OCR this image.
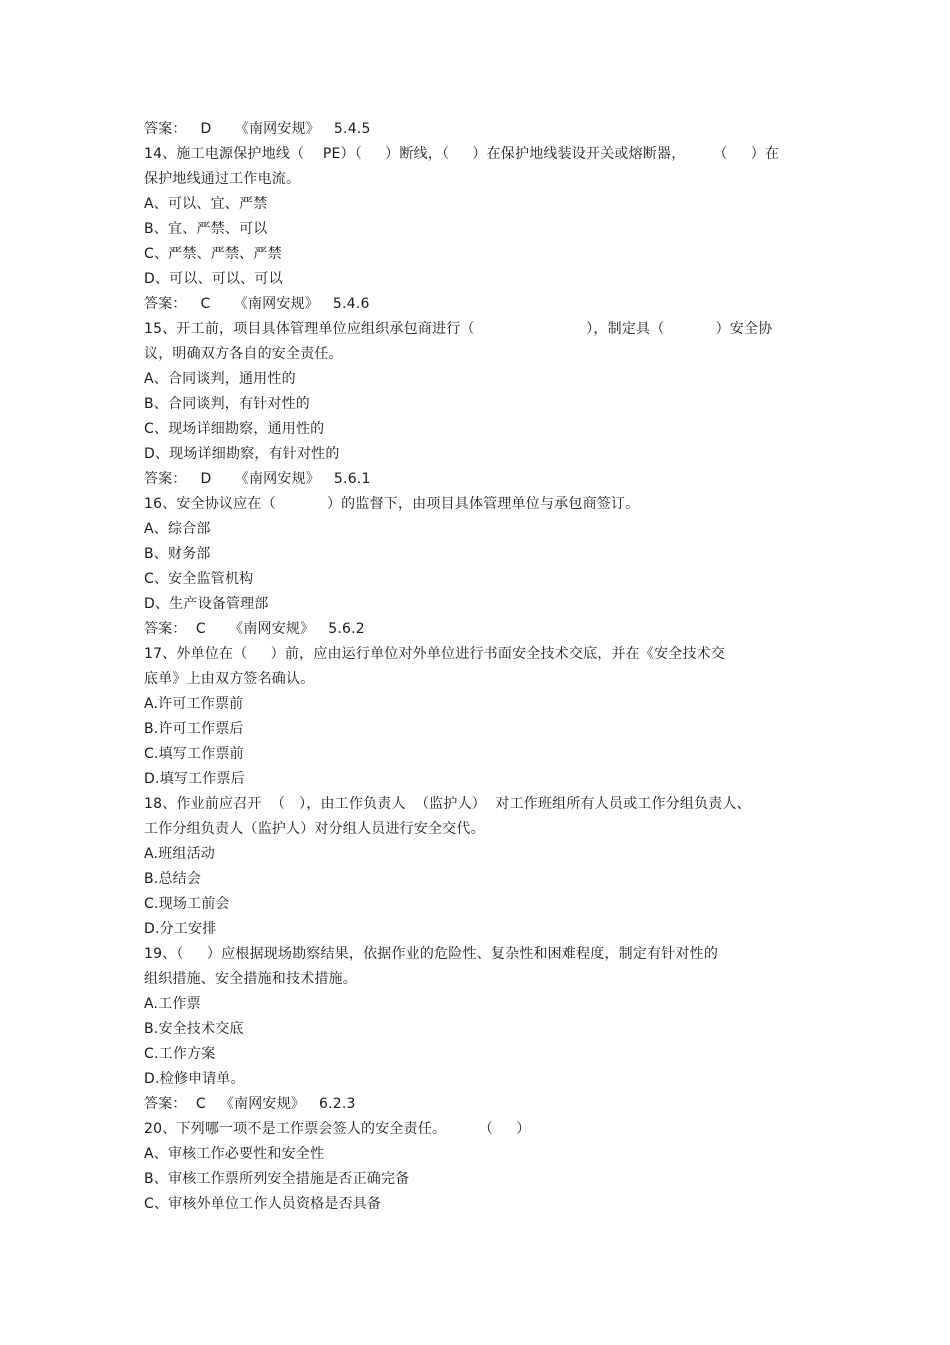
答案：   D     《南网安规》   5.4.5
14、施工电源保护地线（    PE）（     ）断线，（     ）在保护地线装设开关或熔断器，      （     ）在
保护地线通过工作电流。
A、可以、宜、严禁
B、宜、严禁、可以
C、严禁、严禁、严禁
D、可以、可以、可以
答案：   C     《南网安规》   5.4.6
15、开工前，项目具体管理单位应组织承包商进行（                        ），制定具（           ）安全协
议，明确双方各自的安全责任。
A、合同谈判，通用性的
B、合同谈判，有针对性的
C、现场详细勘察，通用性的
D、现场详细勘察，有针对性的
答案：   D     《南网安规》   5.6.1
16、安全协议应在（           ）的监督下，由项目具体管理单位与承包商签订。
A、综合部
B、财务部
C、安全监管机构
D、生产设备管理部
答案：  C     《南网安规》   5.6.2
17、外单位在（     ）前，应由运行单位对外单位进行书面安全技术交底，并在《安全技术交
底单》上由双方签名确认。
A.许可工作票前
B.许可工作票后
C.填写工作票前
D.填写工作票后
18、作业前应召开  （   ），由工作负责人  （监护人）  对工作班组所有人员或工作分组负责人、
工作分组负责人（监护人）对分组人员进行安全交代。
A.班组活动
B.总结会
C.现场工前会
D.分工安排
19、（     ）应根据现场勘察结果，依据作业的危险性、复杂性和困难程度，制定有针对性的
组织措施、安全措施和技术措施。
A.工作票
B.安全技术交底
C.工作方案
D.检修申请单。
答案：  C   《南网安规》   6.2.3
20、下列哪一项不是工作票会签人的安全责任。       （     ）
A、审核工作必要性和安全性
B、审核工作票所列安全措施是否正确完备
C、审核外单位工作人员资格是否具备
